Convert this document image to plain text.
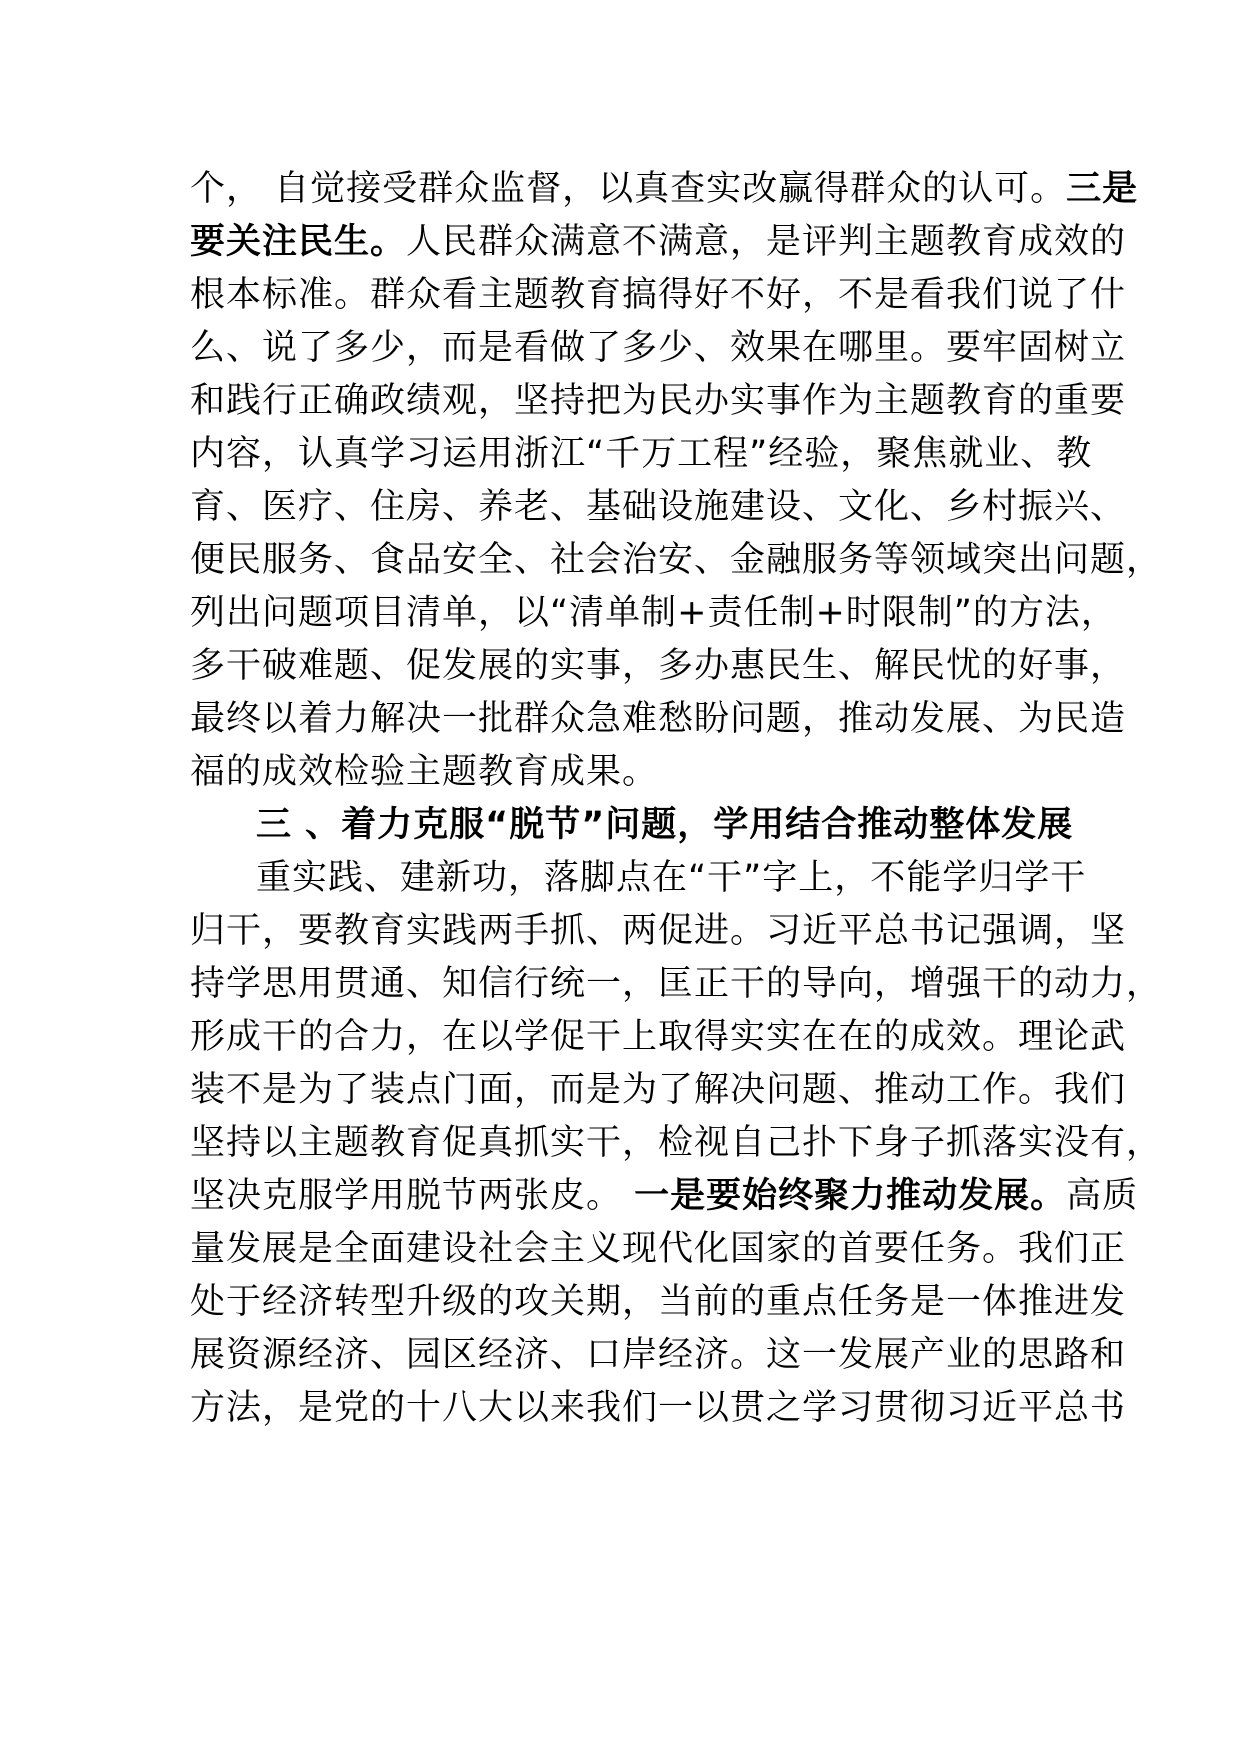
个， 自觉接受群众监督，以真查实改赢得群众的认可。三是
要关注民生。人民群众满意不满意，是评判主题教育成效的
根本标准。群众看主题教育搞得好不好，不是看我们说了什
么、说了多少，而是看做了多少、效果在哪里。要牢固树立
和践行正确政绩观，坚持把为民办实事作为主题教育的重要
内容，认真学习运用浙江“千万工程”经验，聚焦就业、教
育、医疗、住房、养老、基础设施建设、文化、乡村振兴、
便民服务、食品安全、社会治安、金融服务等领域突出问题，
列出问题项目清单，以“清单制+责任制+时限制”的方法，
多干破难题、促发展的实事，多办惠民生、解民忧的好事，
最终以着力解决一批群众急难愁盼问题，推动发展、为民造
福的成效检验主题教育成果。
三 、着力克服“脱节”问题，学用结合推动整体发展
重实践、建新功，落脚点在“干”字上，不能学归学干
归干，要教育实践两手抓、两促进。习近平总书记强调，坚
持学思用贯通、知信行统一，匡正干的导向，增强干的动力，
形成干的合力，在以学促干上取得实实在在的成效。理论武
装不是为了装点门面，而是为了解决问题、推动工作。我们
坚持以主题教育促真抓实干，检视自己扑下身子抓落实没有，
坚决克服学用脱节两张皮。 一是要始终聚力推动发展。高质
量发展是全面建设社会主义现代化国家的首要任务。我们正
处于经济转型升级的攻关期，当前的重点任务是一体推进发
展资源经济、园区经济、口岸经济。这一发展产业的思路和
方法，是党的十八大以来我们一以贯之学习贯彻习近平总书
